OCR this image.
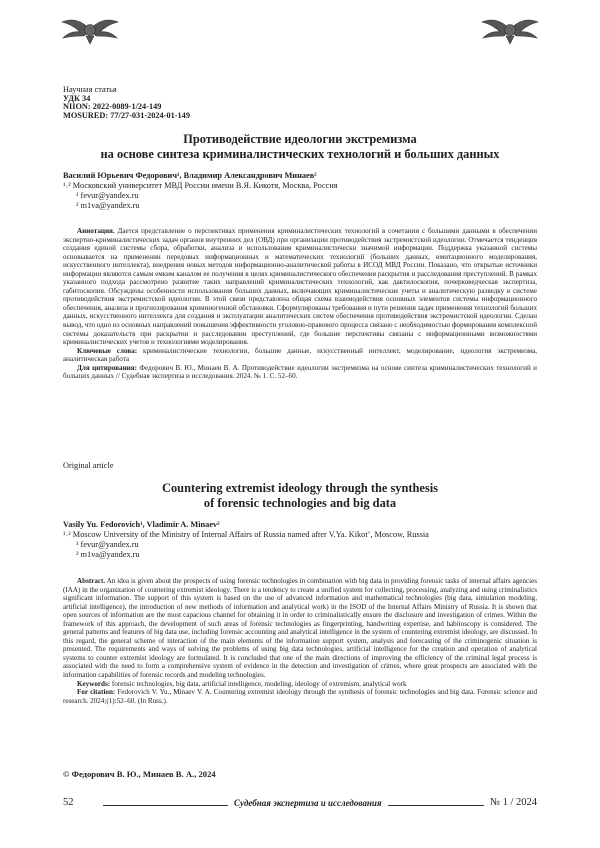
Научная статья
УДК 34
NIION: 2022-0089-1/24-149
MOSURED: 77/27-031-2024-01-149
Противодействие идеологии экстремизма
на основе синтеза криминалистических технологий и больших данных
Василий Юрьевич Федорович¹, Владимир Александрович Минаев²
¹˒² Московский университет МВД России имени В.Я. Кикотя, Москва, Россия
¹ fevur@yandex.ru
² m1va@yandex.ru

Аннотация. Дается представление о перспективах применения криминалистических технологий в сочетании с большими данными в обеспечении экспертно-криминалистических задач органов внутренних дел (ОВД) при организации противодействия экстремистской идеологии. Отмечается тенденция создания единой системы сбора, обработки, анализа и использования криминалистически значимой информации. Поддержка указанной системы основывается на применении передовых информационных и математических технологий (больших данных, имитационного моделирования, искусственного интеллекта), внедрения новых методов информационно-аналитической работы в ИСОД МВД России. Показано, что открытые источники информации являются самым емким каналом ее получения в целях криминалистического обеспечения раскрытия и расследования преступлений. В рамках указанного подхода рассмотрено развитие таких направлений криминалистических технологий, как дактилоскопия, почерковедческая экспертиза, габитоскопия. Обсуждены особенности использования больших данных, включающих криминалистические учеты и аналитическую разведку в системе противодействия экстремистской идеологии. В этой связи представлена общая схема взаимодействия основных элементов системы информационного обеспечения, анализа и прогнозирования криминогенной обстановки. Сформулированы требования и пути решения задач применения технологий больших данных, искусственного интеллекта для создания и эксплуатации аналитических систем обеспечения противодействия экстремистской идеологии. Сделан вывод, что одно из основных направлений повышения эффективности уголовно-правового процесса связано с необходимостью формирования комплексной системы доказательств при раскрытии и расследовании преступлений, где большие перспективы связаны с информационными возможностями криминалистических учетов и технологиями моделирования.

Ключевые слова: криминалистические технологии, большие данные, искусственный интеллект, моделирование, идеология экстремизма, аналитическая работа

Для цитирования: Федорович В. Ю., Минаев В. А. Противодействие идеологии экстремизма на основе синтеза криминалистических технологий и больших данных // Судебная экспертиза и исследования. 2024. № 1. С. 52–60.

Original article
Countering extremist ideology through the synthesis
of forensic technologies and big data
Vasily Yu. Fedorovich¹, Vladimir A. Minaev²
¹˒² Moscow University of the Ministry of Internal Affairs of Russia named after V.Ya. Kikot’, Moscow, Russia
¹ fevur@yandex.ru
² m1va@yandex.ru

Abstract. An idea is given about the prospects of using forensic technologies in combination with big data in providing forensic tasks of internal affairs agencies (IAA) in the organization of countering extremist ideology. There is a tendency to create a unified system for collecting, processing, analyzing and using criminalistics significant information. The support of this system is based on the use of advanced information and mathematical technologies (big data, simulation modeling, artificial intelligence), the introduction of new methods of information and analytical work) in the ISOD of the Internal Affairs Ministry of Russia. It is shown that open sources of information are the most capacious channel for obtaining it in order to criminalistically ensure the disclosure and investigation of crimes. Within the framework of this approach, the development of such areas of forensic technologies as fingerprinting, handwriting expertise, and habitoscopy is considered. The general patterns and features of big data use, including forensic accounting and analytical intelligence in the system of countering extremist ideology, are discussed. In this regard, the general scheme of interaction of the main elements of the information support system, analysis and forecasting of the criminogenic situation is presented. The requirements and ways of solving the problems of using big data technologies, artificial intelligence for the creation and operation of analytical systems to counter extremist ideology are formulated. It is concluded that one of the main directions of improving the efficiency of the criminal legal process is associated with the need to form a comprehensive system of evidence in the detection and investigation of crimes, where great prospects are associated with the information capabilities of forensic records and modeling technologies.

Keywords: forensic technologies, big data, artificial intelligence, modeling, ideology of extremism, analytical work

For citation: Fedorovich V. Yu., Minaev V. A. Countering extremist ideology through the synthesis of forensic technologies and big data. Forensic science and research. 2024;(1):52–60. (In Russ.).

© Федорович В. Ю., Минаев В. А., 2024
52	Судебная экспертиза и исследования	№ 1 / 2024
